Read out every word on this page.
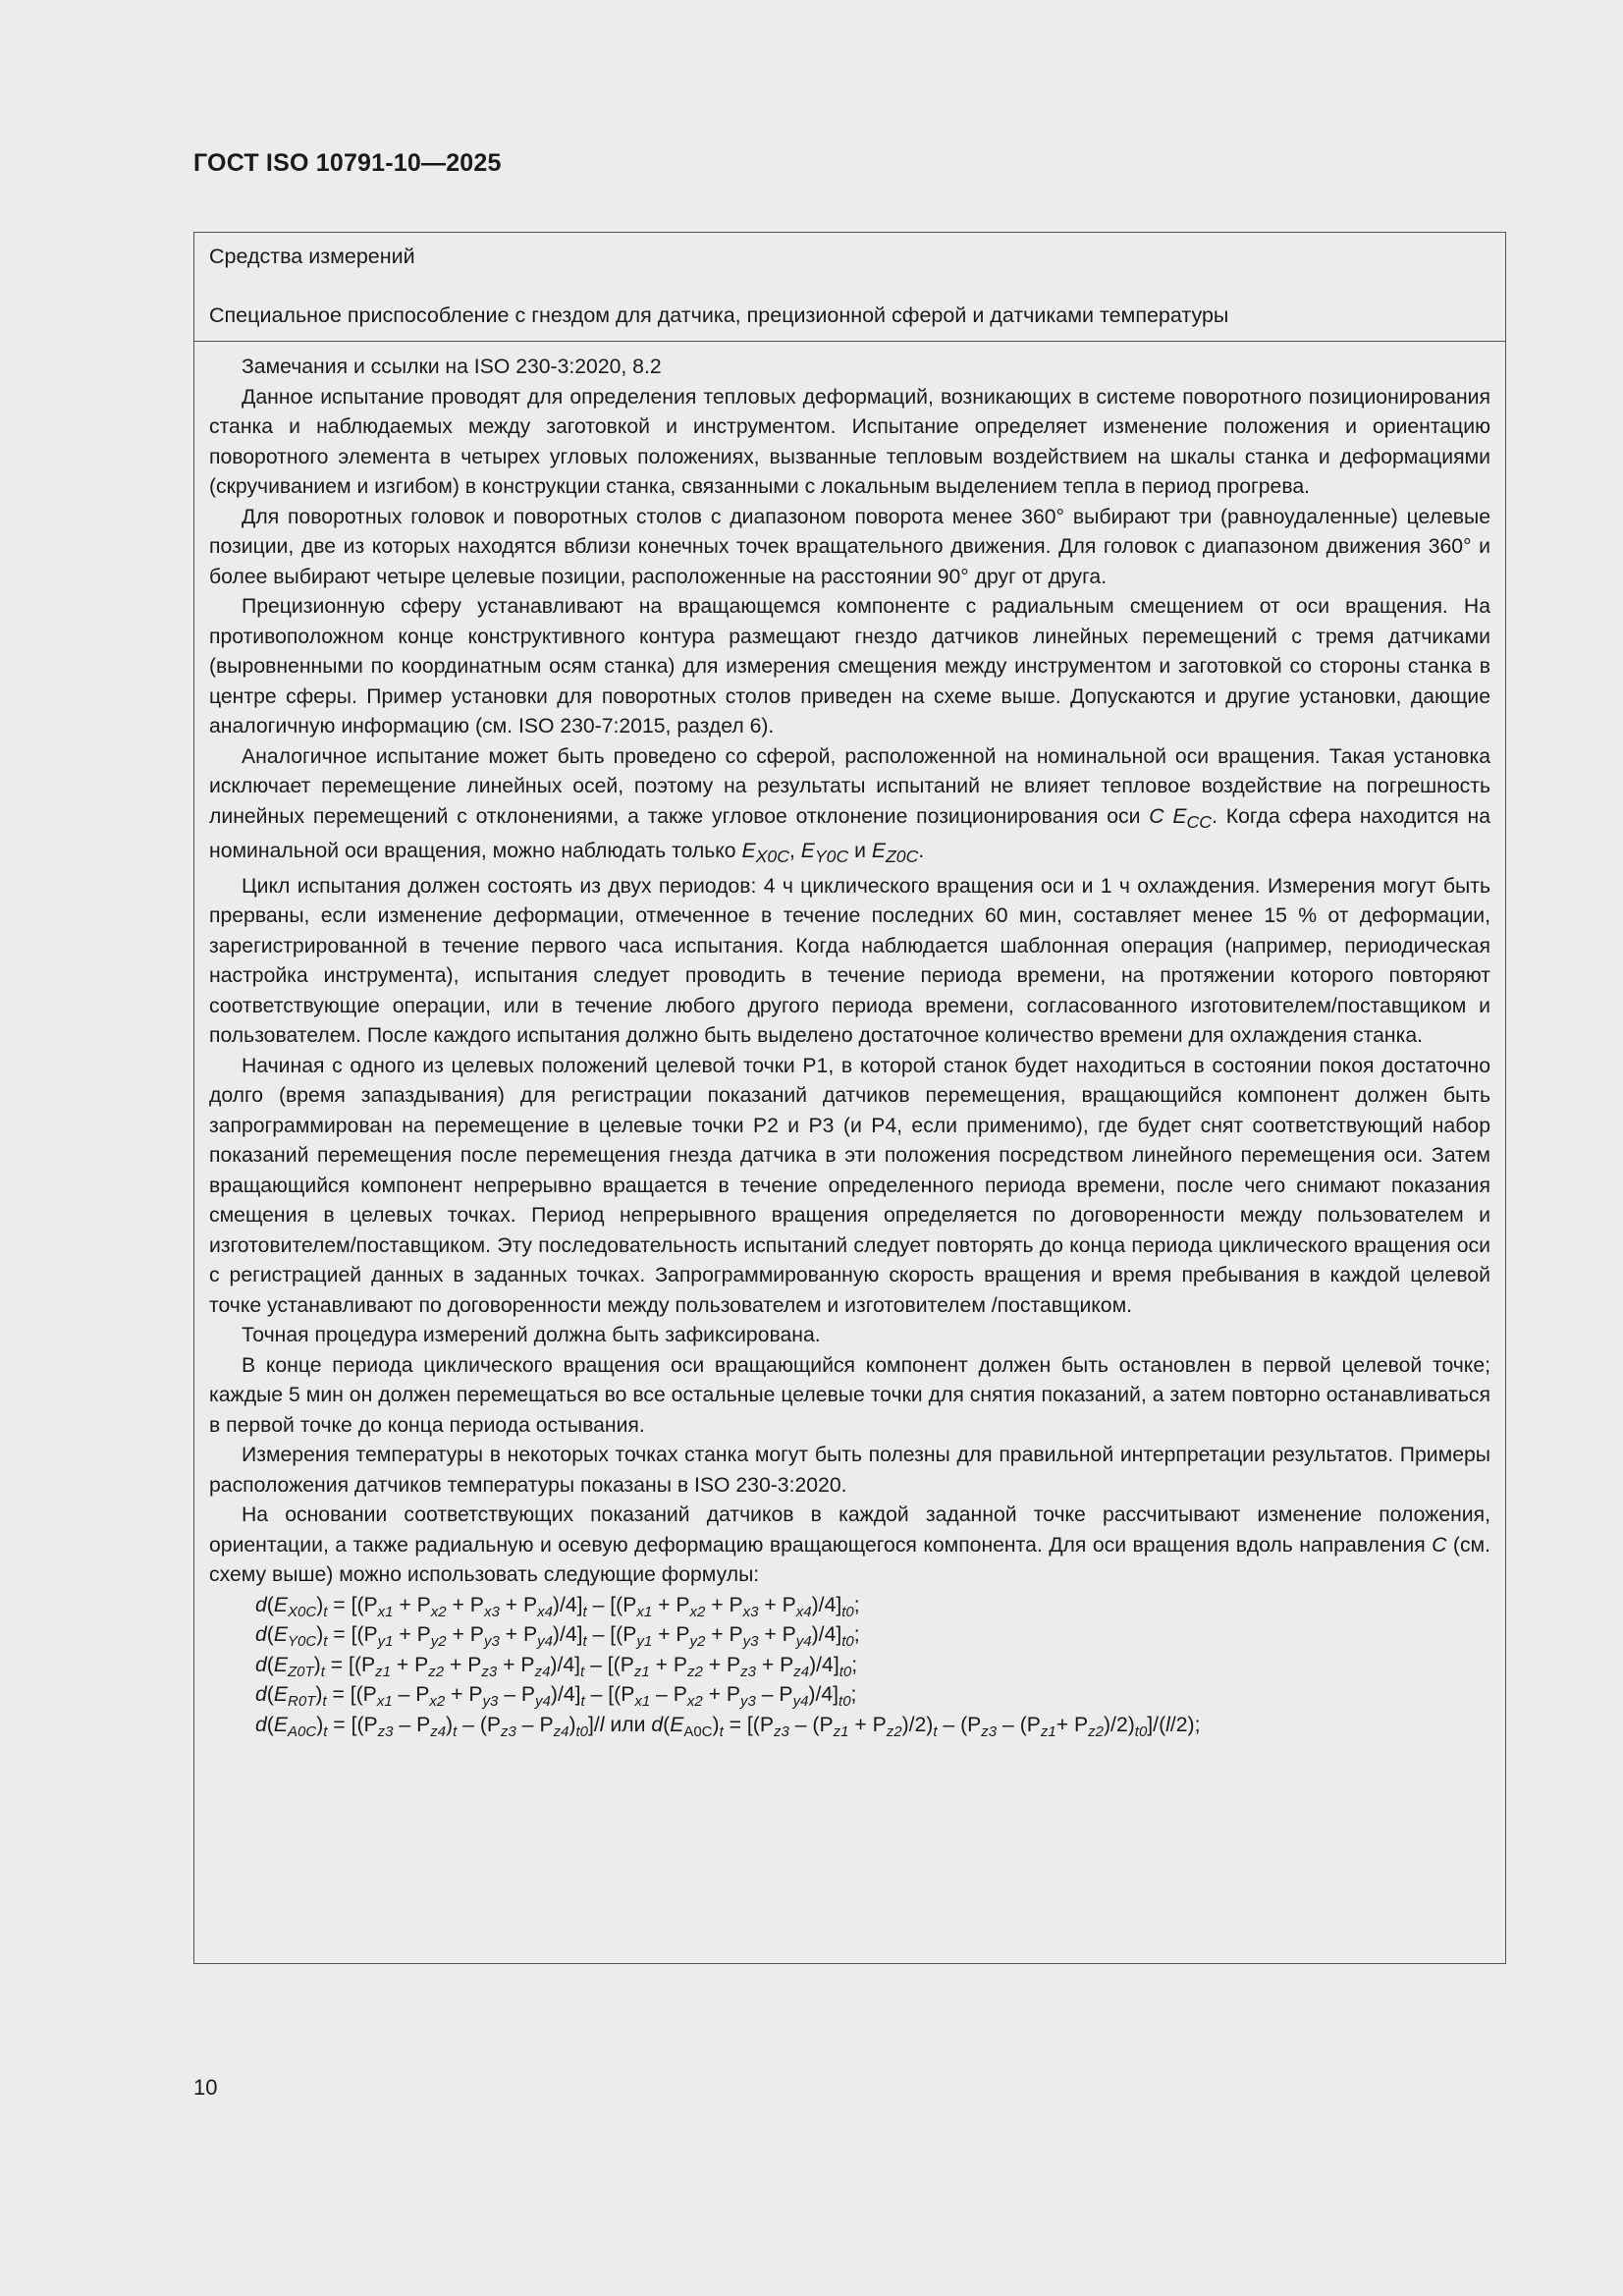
ГОСТ ISO 10791-10—2025
Средства измерений
Специальное приспособление с гнездом для датчика, прецизионной сферой и датчиками температуры

Замечания и ссылки на ISO 230-3:2020, 8.2

Данное испытание проводят для определения тепловых деформаций, возникающих в системе поворотного позиционирования станка и наблюдаемых между заготовкой и инструментом. Испытание определяет изменение положения и ориентацию поворотного элемента в четырех угловых положениях, вызванные тепловым воздействием на шкалы станка и деформациями (скручиванием и изгибом) в конструкции станка, связанными с локальным выделением тепла в период прогрева.

Для поворотных головок и поворотных столов с диапазоном поворота менее 360° выбирают три (равноудаленные) целевые позиции, две из которых находятся вблизи конечных точек вращательного движения. Для головок с диапазоном движения 360° и более выбирают четыре целевые позиции, расположенные на расстоянии 90° друг от друга.

Прецизионную сферу устанавливают на вращающемся компоненте с радиальным смещением от оси вращения. На противоположном конце конструктивного контура размещают гнездо датчиков линейных перемещений с тремя датчиками (выровненными по координатным осям станка) для измерения смещения между инструментом и заготовкой со стороны станка в центре сферы. Пример установки для поворотных столов приведен на схеме выше. Допускаются и другие установки, дающие аналогичную информацию (см. ISO 230-7:2015, раздел 6).

Аналогичное испытание может быть проведено со сферой, расположенной на номинальной оси вращения. Такая установка исключает перемещение линейных осей, поэтому на результаты испытаний не влияет тепловое воздействие на погрешность линейных перемещений с отклонениями, а также угловое отклонение позиционирования оси C $E_{CC}$. Когда сфера находится на номинальной оси вращения, можно наблюдать только $E_{X0C}$, $E_{Y0C}$ и $E_{Z0C}$.

Цикл испытания должен состоять из двух периодов: 4 ч циклического вращения оси и 1 ч охлаждения. Измерения могут быть прерваны, если изменение деформации, отмеченное в течение последних 60 мин, составляет менее 15 % от деформации, зарегистрированной в течение первого часа испытания. Когда наблюдается шаблонная операция (например, периодическая настройка инструмента), испытания следует проводить в течение периода времени, на протяжении которого повторяют соответствующие операции, или в течение любого другого периода времени, согласованного изготовителем/поставщиком и пользователем. После каждого испытания должно быть выделено достаточное количество времени для охлаждения станка.

Начиная с одного из целевых положений целевой точки P1, в которой станок будет находиться в состоянии покоя достаточно долго (время запаздывания) для регистрации показаний датчиков перемещения, вращающийся компонент должен быть запрограммирован на перемещение в целевые точки P2 и P3 (и P4, если применимо), где будет снят соответствующий набор показаний перемещения после перемещения гнезда датчика в эти положения посредством линейного перемещения оси. Затем вращающийся компонент непрерывно вращается в течение определенного периода времени, после чего снимают показания смещения в целевых точках. Период непрерывного вращения определяется по договоренности между пользователем и изготовителем/поставщиком. Эту последовательность испытаний следует повторять до конца периода циклического вращения оси с регистрацией данных в заданных точках. Запрограммированную скорость вращения и время пребывания в каждой целевой точке устанавливают по договоренности между пользователем и изготовителем /поставщиком.

Точная процедура измерений должна быть зафиксирована.

В конце периода циклического вращения оси вращающийся компонент должен быть остановлен в первой целевой точке; каждые 5 мин он должен перемещаться во все остальные целевые точки для снятия показаний, а затем повторно останавливаться в первой точке до конца периода остывания.

Измерения температуры в некоторых точках станка могут быть полезны для правильной интерпретации результатов. Примеры расположения датчиков температуры показаны в ISO 230-3:2020.

На основании соответствующих показаний датчиков в каждой заданной точке рассчитывают изменение положения, ориентации, а также радиальную и осевую деформацию вращающегося компонента. Для оси вращения вдоль направления C (см. схему выше) можно использовать следующие формулы:

$d(E_{X0C})_t = [(P_{x1} + P_{x2} + P_{x3} + P_{x4})/4]_t - [(P_{x1} + P_{x2} + P_{x3} + P_{x4})/4]_{t0}$;
$d(E_{Y0C})_t = [(P_{y1} + P_{y2} + P_{y3} + P_{y4})/4]_t - [(P_{y1} + P_{y2} + P_{y3} + P_{y4})/4]_{t0}$;
$d(E_{Z0T})_t = [(P_{z1} + P_{z2} + P_{z3} + P_{z4})/4]_t - [(P_{z1} + P_{z2} + P_{z3} + P_{z4})/4]_{t0}$;
$d(E_{R0T})_t = [(P_{x1} - P_{x2} + P_{y3} - P_{y4})/4]_t - [(P_{x1} - P_{x2} + P_{y3} - P_{y4})/4]_{t0}$;
$d(E_{A0C})_t = [(P_{z3} - P_{z4})_t - (P_{z3} - P_{z4})_{t0}]/l$ или $d(E_{A0C})_t = [(P_{z3} - (P_{z1} + P_{z2})/2)_t - (P_{z3} - (P_{z1}+ P_{z2})/2)_{t0}]/(l/2)$;
10
